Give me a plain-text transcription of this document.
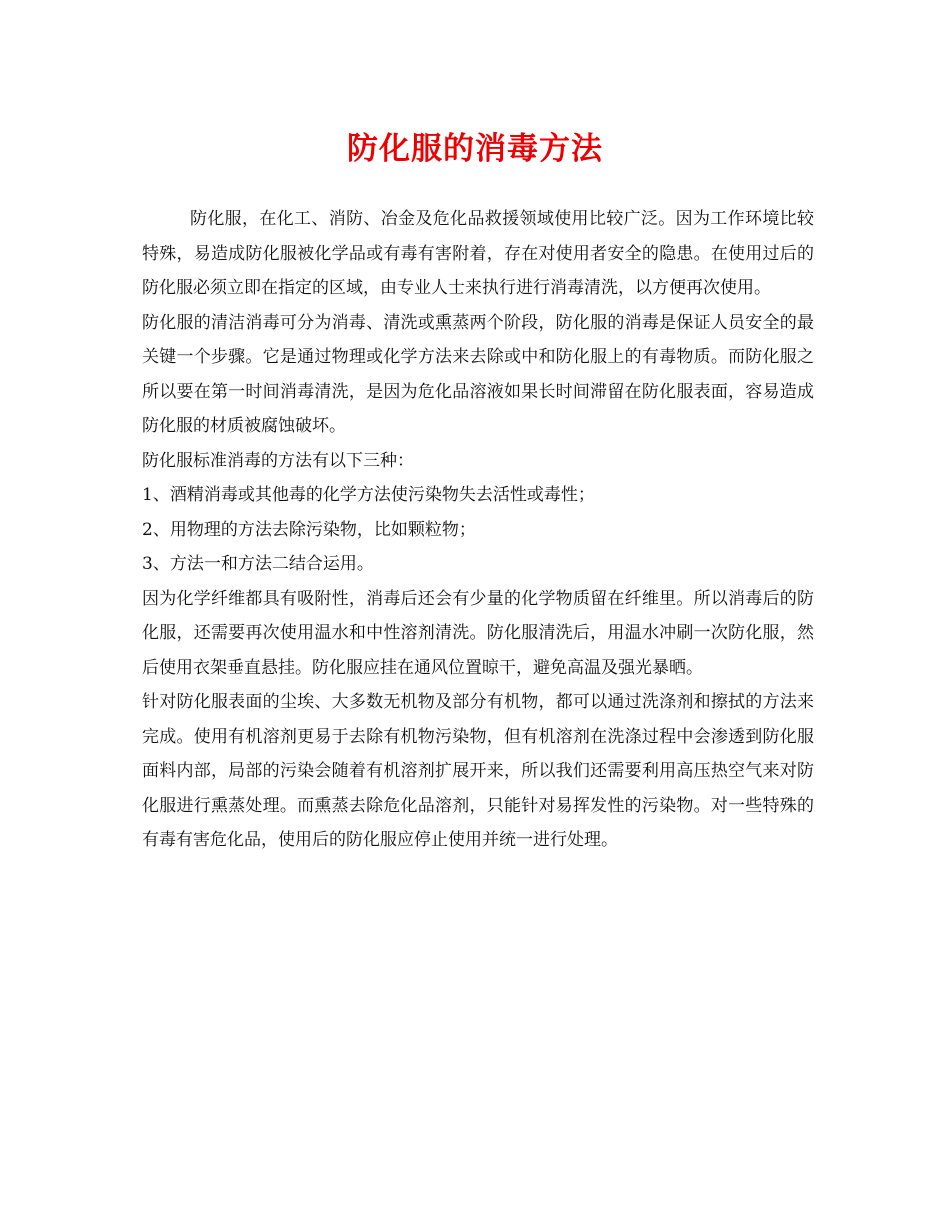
防化服的消毒方法

防化服，在化工、消防、冶金及危化品救援领域使用比较广泛。因为工作环境比较特殊，易造成防化服被化学品或有毒有害附着，存在对使用者安全的隐患。在使用过后的防化服必须立即在指定的区域，由专业人士来执行进行消毒清洗，以方便再次使用。

防化服的清洁消毒可分为消毒、清洗或熏蒸两个阶段，防化服的消毒是保证人员安全的最关键一个步骤。它是通过物理或化学方法来去除或中和防化服上的有毒物质。而防化服之所以要在第一时间消毒清洗，是因为危化品溶液如果长时间滞留在防化服表面，容易造成防化服的材质被腐蚀破坏。

防化服标准消毒的方法有以下三种：

1、酒精消毒或其他毒的化学方法使污染物失去活性或毒性；

2、用物理的方法去除污染物，比如颗粒物；

3、方法一和方法二结合运用。

因为化学纤维都具有吸附性，消毒后还会有少量的化学物质留在纤维里。所以消毒后的防化服，还需要再次使用温水和中性溶剂清洗。防化服清洗后，用温水冲刷一次防化服，然后使用衣架垂直悬挂。防化服应挂在通风位置晾干，避免高温及强光暴晒。

针对防化服表面的尘埃、大多数无机物及部分有机物，都可以通过洗涤剂和擦拭的方法来完成。使用有机溶剂更易于去除有机物污染物，但有机溶剂在洗涤过程中会渗透到防化服面料内部，局部的污染会随着有机溶剂扩展开来，所以我们还需要利用高压热空气来对防化服进行熏蒸处理。而熏蒸去除危化品溶剂，只能针对易挥发性的污染物。对一些特殊的有毒有害危化品，使用后的防化服应停止使用并统一进行处理。
